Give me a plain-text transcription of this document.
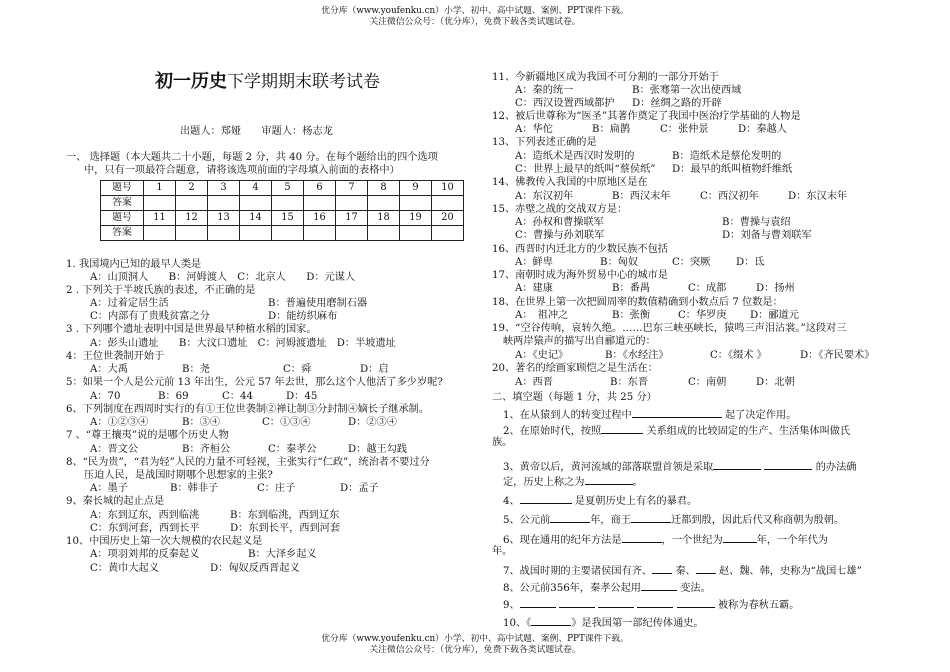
优分库（www.youfenku.cn）小学、初中、高中试题、案例、PPT课件下载。
关注微信公众号：（优分库），免费下载各类试题试卷。
初一历史下学期期末联考试卷
出题人：郑娅　　审题人：杨志龙
一、 选择题（本大题共二十小题，每题 2 分，共 40 分。在每个题给出的四个选项
中，只有一项最符合题意，请将该选项前面的字母填入前面的表格中）
题号	1	2	3	4	5	6	7	8	9	10
答案										
题号	11	12	13	14	15	16	17	18	19	20
答案										
1. 我国境内已知的最早人类是
A：山顶洞人　　B：河姆渡人　C：北京人　　D：元谋人
2 . 下列关于半坡氏族的表述，不正确的是
A：过着定居生活	B：普遍使用磨制石器
C：内部有了贵贱贫富之分	D：能纺织麻布
3 . 下列哪个遗址表明中国是世界最早种植水稻的国家。
A：彭头山遗址　　B：大汶口遗址　C：河姆渡遗址　D：半坡遗址
4：王位世袭制开始于
A：大禹	B：尧	C：舜	D：启
5：如果一个人是公元前 13 年出生，公元 57 年去世，那么这个人他活了多少岁呢?
A：70	B：69	C：44	D：45
6、下列制度在西周时实行的有①王位世袭制②禅让制③分封制④嫡长子继承制。
A：①②③④	B：③④	C：①③④	D：②③④
7 、“尊王攘夷”说的是哪个历史人物
A：晋文公	B：齐桓公	C：秦孝公	D：越王勾践
8、“民为贵”，“君为轻”人民的力量不可轻视，主张实行“仁政”，统治者不要过分
压迫人民，是战国时期哪个思想家的主张?
A：墨子	B：韩非子	C：庄子	D：孟子
9、秦长城的起止点是
A：东到辽东，西到临洮	B：东到临洮，西到辽东
C：东到河套，西到长平	D：东到长平，西到河套
10、中国历史上第一次大规模的农民起义是
A：项羽刘邦的反秦起义	B：大泽乡起义
C：黄巾大起义	D：匈奴反西晋起义
11、今新疆地区成为我国不可分割的一部分开始于
A：秦的统一	B：张骞第一次出使西域
C：西汉设置西域都护 D：丝绸之路的开辟
12、被后世尊称为“医圣”其著作奠定了我国中医治疗学基础的人物是
A：华佗	B：扁鹊	C：张仲景	D：秦越人
13、下列表述正确的是
A：造纸术是西汉时发明的	B：造纸术是蔡伦发明的
C：世界上最早的纸叫“蔡侯纸” D：最早的纸叫植物纤维纸
14、佛教传入我国的中原地区是在
A：东汉初年	B：西汉末年	C：西汉初年	D：东汉末年
15、赤壁之战的交战双方是：
A：孙权和曹操联军	B：曹操与袁绍
C：曹操与孙刘联军	D：刘备与曹刘联军
16、西晋时内迁北方的少数民族不包括
A：鲜卑	B：匈奴	C：突厥	D：氐
17、南朝时成为海外贸易中心的城市是
A：建康	B：番禺	C：成都	D：扬州
18、在世界上第一次把圆周率的数值精确到小数点后 7 位数是：
A：　祖冲之	B：张衡	C：华罗庚 D：郦道元
19、“空谷传响，哀转久绝。……巴东三峡巫峡长，猿鸣三声泪沾裳。”这段对三
峡两岸猿声的描写出自郦道元的：
A：《史记》	B：《水经注》	C：《缀术 》	D：《齐民要术》
20、著名的绘画家顾恺之是生活在：
A：西晋	B：东晋	C：南朝	D：北朝
二、填空题（每题 1 分，共 25 分）
1、在从猿到人的转变过程中	起了决定作用。
2、在原始时代，按照	关系组成的比较固定的生产、生活集体叫做氏
族。
3、黄帝以后，黄河流域的部落联盟首领是采取	的办法确
定，历史上称之为	。
4、	是夏朝历史上有名的暴君。
5、公元前	年，商王	迁都到殷，因此后代又称商朝为殷朝。
6、现在通用的纪年方法是	，一个世纪为	年，一个年代为
年。
7、战国时期的主要诸侯国有齐、 秦、 赵、魏、韩，史称为“战国七雄”
8、公元前356年，秦孝公起用	变法。
9、	被称为春秋五霸。
10、《	》是我国第一部纪传体通史。
优分库（www.youfenku.cn）小学、初中、高中试题、案例、PPT课件下载。
关注微信公众号：（优分库），免费下载各类试题试卷。
